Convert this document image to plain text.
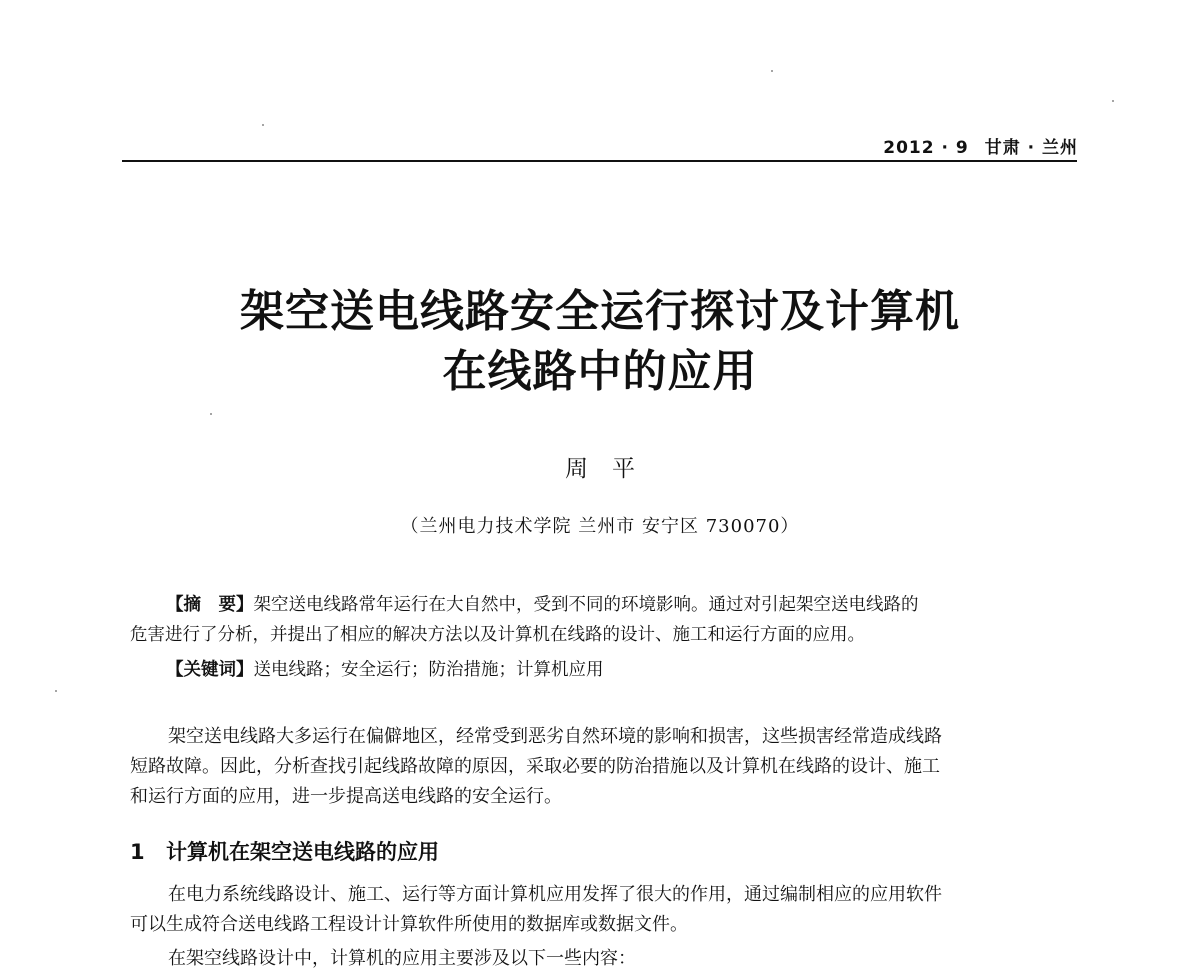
2012 · 9 甘肃 · 兰州
架空送电线路安全运行探讨及计算机
在线路中的应用
周平
（兰州电力技术学院 兰州市 安宁区 730070）
【摘　要】架空送电线路常年运行在大自然中，受到不同的环境影响。通过对引起架空送电线路的
危害进行了分析，并提出了相应的解决方法以及计算机在线路的设计、施工和运行方面的应用。
【关键词】送电线路；安全运行；防治措施；计算机应用
架空送电线路大多运行在偏僻地区，经常受到恶劣自然环境的影响和损害，这些损害经常造成线路
短路故障。因此，分析查找引起线路故障的原因，采取必要的防治措施以及计算机在线路的设计、施工
和运行方面的应用，进一步提高送电线路的安全运行。
1 计算机在架空送电线路的应用
在电力系统线路设计、施工、运行等方面计算机应用发挥了很大的作用，通过编制相应的应用软件
可以生成符合送电线路工程设计计算软件所使用的数据库或数据文件。
在架空线路设计中，计算机的应用主要涉及以下一些内容：
